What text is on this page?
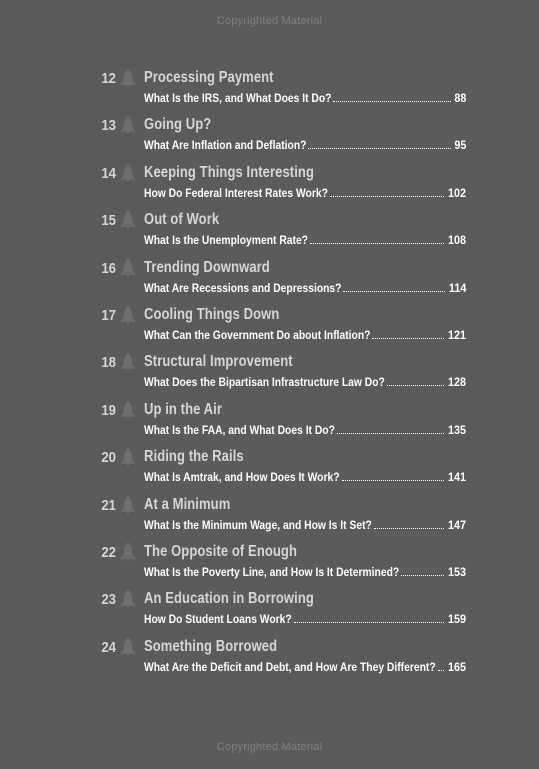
Copyrighted Material
12 Processing Payment
What Is the IRS, and What Does It Do?	88
13 Going Up?
What Are Inflation and Deflation?	95
14 Keeping Things Interesting
How Do Federal Interest Rates Work?	102
15 Out of Work
What Is the Unemployment Rate?	108
16 Trending Downward
What Are Recessions and Depressions?	114
17 Cooling Things Down
What Can the Government Do about Inflation?	121
18 Structural Improvement
What Does the Bipartisan Infrastructure Law Do?	128
19 Up in the Air
What Is the FAA, and What Does It Do?	135
20 Riding the Rails
What Is Amtrak, and How Does It Work?	141
21 At a Minimum
What Is the Minimum Wage, and How Is It Set?	147
22 The Opposite of Enough
What Is the Poverty Line, and How Is It Determined?	153
23 An Education in Borrowing
How Do Student Loans Work?	159
24 Something Borrowed
What Are the Deficit and Debt, and How Are They Different? 165
Copyrighted Material
